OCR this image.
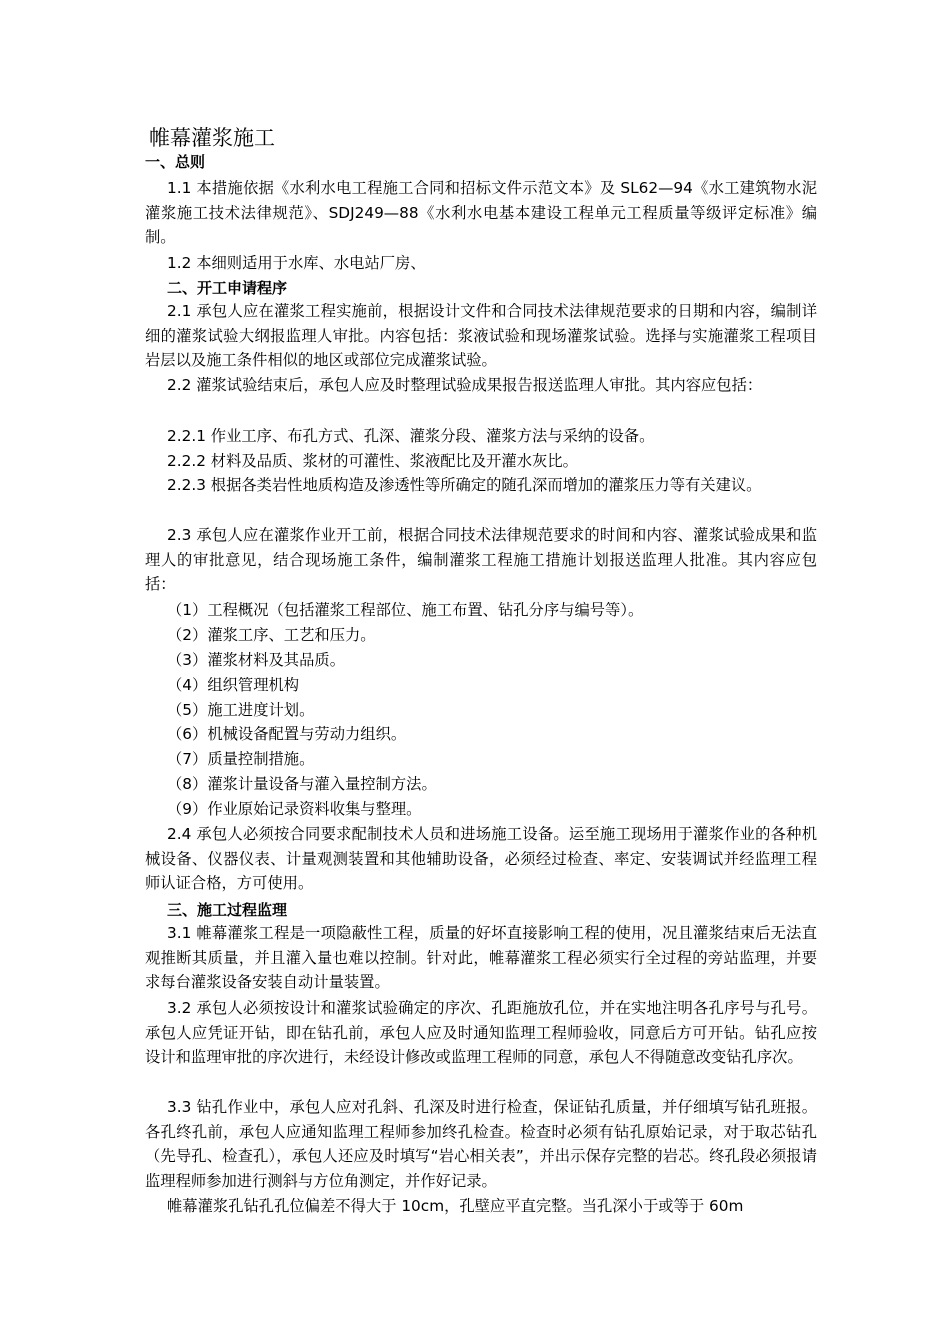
帷幕灌浆施工
一、总则

1.1 本措施依据《水利水电工程施工合同和招标文件示范文本》及 SL62—94《水工建筑物水泥灌浆施工技术法律规范》、SDJ249—88《水利水电基本建设工程单元工程质量等级评定标准》编制。

1.2 本细则适用于水库、水电站厂房、

二、开工申请程序

2.1 承包人应在灌浆工程实施前，根据设计文件和合同技术法律规范要求的日期和内容，编制详细的灌浆试验大纲报监理人审批。内容包括：浆液试验和现场灌浆试验。选择与实施灌浆工程项目岩层以及施工条件相似的地区或部位完成灌浆试验。

2.2 灌浆试验结束后，承包人应及时整理试验成果报告报送监理人审批。其内容应包括：

2.2.1 作业工序、布孔方式、孔深、灌浆分段、灌浆方法与采纳的设备。

2.2.2 材料及品质、浆材的可灌性、浆液配比及开灌水灰比。

2.2.3 根据各类岩性地质构造及渗透性等所确定的随孔深而增加的灌浆压力等有关建议。

2.3 承包人应在灌浆作业开工前，根据合同技术法律规范要求的时间和内容、灌浆试验成果和监理人的审批意见，结合现场施工条件，编制灌浆工程施工措施计划报送监理人批准。其内容应包括：

（1）工程概况（包括灌浆工程部位、施工布置、钻孔分序与编号等）。
（2）灌浆工序、工艺和压力。
（3）灌浆材料及其品质。
（4）组织管理机构
（5）施工进度计划。
（6）机械设备配置与劳动力组织。
（7）质量控制措施。
（8）灌浆计量设备与灌入量控制方法。
（9）作业原始记录资料收集与整理。

2.4 承包人必须按合同要求配制技术人员和进场施工设备。运至施工现场用于灌浆作业的各种机械设备、仪器仪表、计量观测装置和其他辅助设备，必须经过检查、率定、安装调试并经监理工程师认证合格，方可使用。

三、施工过程监理

3.1 帷幕灌浆工程是一项隐蔽性工程，质量的好坏直接影响工程的使用，况且灌浆结束后无法直观推断其质量，并且灌入量也难以控制。针对此，帷幕灌浆工程必须实行全过程的旁站监理，并要求每台灌浆设备安装自动计量装置。

3.2 承包人必须按设计和灌浆试验确定的序次、孔距施放孔位，并在实地注明各孔序号与孔号。承包人应凭证开钻，即在钻孔前，承包人应及时通知监理工程师验收，同意后方可开钻。钻孔应按设计和监理审批的序次进行，未经设计修改或监理工程师的同意，承包人不得随意改变钻孔序次。

3.3 钻孔作业中，承包人应对孔斜、孔深及时进行检查，保证钻孔质量，并仔细填写钻孔班报。各孔终孔前，承包人应通知监理工程师参加终孔检查。检查时必须有钻孔原始记录，对于取芯钻孔（先导孔、检查孔），承包人还应及时填写“岩心相关表”，并出示保存完整的岩芯。终孔段必须报请监理程师参加进行测斜与方位角测定，并作好记录。

帷幕灌浆孔钻孔孔位偏差不得大于 10cm，孔壁应平直完整。当孔深小于或等于 60m
